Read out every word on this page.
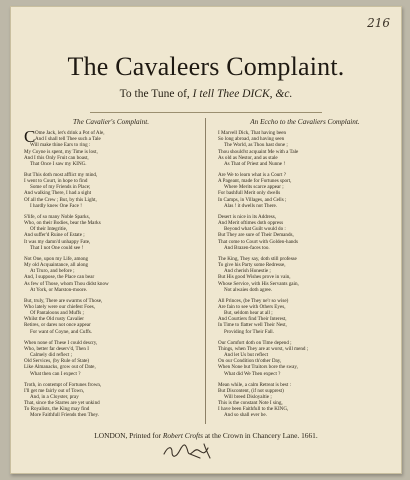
216
The Cavaleers Complaint.
To the Tune of, I tell Thee DICK, &c.
The Cavalier's Complaint.
C Ome Jack, let's drink a Pot of Ale,
And I shall tell Thee such a Tale
Will make thine Ears to ring :
My Coyne is spent, my Time is lost,
And I this Only Fruit can boast,
That Once I saw my KING.
But This doth most afflict my mind,
I went to Court, in hope to find
Some of my Friends in Place;
And walking There, I had a sight
Of all the Crew ; But, by this Light,
I hardly knew One Face !
S'life, of so many Noble Sparks,
Who, on their Bodies, bear the Marks
Of their Integritie,
And suffer'd Ruine of Estate ;
It was my damn'd unhappy Fate,
That I not One could see !
Not One, upon my Life, among
My old Acquaintance, all along
At Truro, and before ;
And, I suppose, the Place can bear
As few of Those, whom Thou didst know
At York, or Marston-moore.
But, truly, There are swarms of Those,
Who lately were our chiefest Foes,
Of Pantaloons and Muffs ;
Whilst the Old rusty Cavalier
Retires, or dares not once appear
For want of Coyne, and Cuffs.
When none of These I could descry,
Who, better far deserv'd, Then I
Calmely did reflect ;
Old Services, (by Rule of State)
Like Almanacks, grow out of Date,
What then can I expect ?
Troth, in contempt of Fortunes frown,
I'll get me fairly out of Town,
And, in a Cloyster, pray
That, since the Starres are yet unkind
To Royalists, the King may find
More Faithfull Friends then They.
An Eccho to the Cavaliers Complaint.
I Marvell Dick, That having been
So long abroad, and having seen
The World, as Thou hast done ;
Thou should'st acquaint Me with a Tale
As old as Nestor, and as stale
As That of Priest and Nunne !
Are We to learn what is a Court ?
A Pageant, made for Fortunes sport,
Where Merits scarce appear ;
For bashfull Merit only dwells
In Camps, in Villages, and Cells ;
Alas ! it dwells not There.
Desert is nice in its Address,
And Merit oftimes doth oppress
Beyond what Guilt would do :
But They are sure of Their Demands,
That come to Court with Golden-hands
And Brazen-faces too.
The King, They say, doth still professe
To give his Party some Redresse,
And cherish Honestie ;
But His good Wishes prove in vain,
Whose Service, with His Servants gain,
Not alwaies doth agree.
All Princes, (be They ne'r so wise)
Are fain to see with Others Eyes,
But, seldom hear at all ;
And Courtiers find Their Interest,
In Time to flatter well Their Nest,
Providing for Their Fall.
Our Comfort doth on Time depend ;
Things, when They are at worst, will mend ;
And let Us but reflect
On our Condition th'other Day,
When None but Traitors bore the sway,
What did We Then expect ?
Mean while, a calm Retreat is best :
But Discontent, (if not supprest)
Will breed Disloyaltie ;
This is the constant Note I sing,
I have been Faithfull to the KING,
And so shall ever be.
LONDON, Printed for Robert Crofts at the Crown in Chancery Lane. 1661.
